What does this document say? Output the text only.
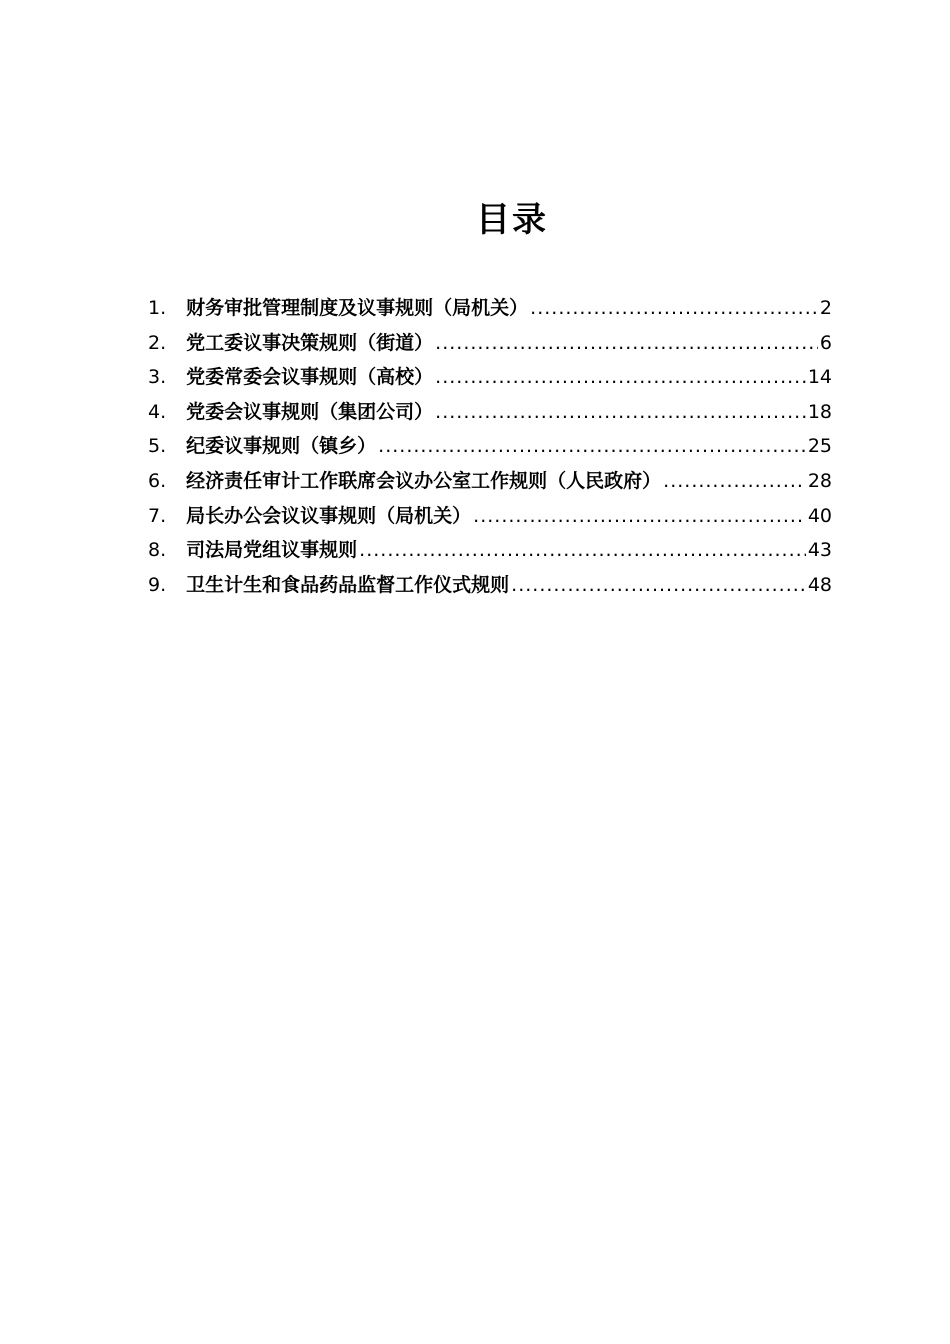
目录
1. 财务审批管理制度及议事规则（局机关） .....	2
2. 党工委议事决策规则（街道） .....	6
3. 党委常委会议事规则（高校） .....	14
4. 党委会议事规则（集团公司） .....	18
5. 纪委议事规则（镇乡） .....	25
6. 经济责任审计工作联席会议办公室工作规则（人民政府） .....	28
7. 局长办公会议议事规则（局机关） .....	40
8. 司法局党组议事规则 .....	43
9. 卫生计生和食品药品监督工作仪式规则 .....	48
